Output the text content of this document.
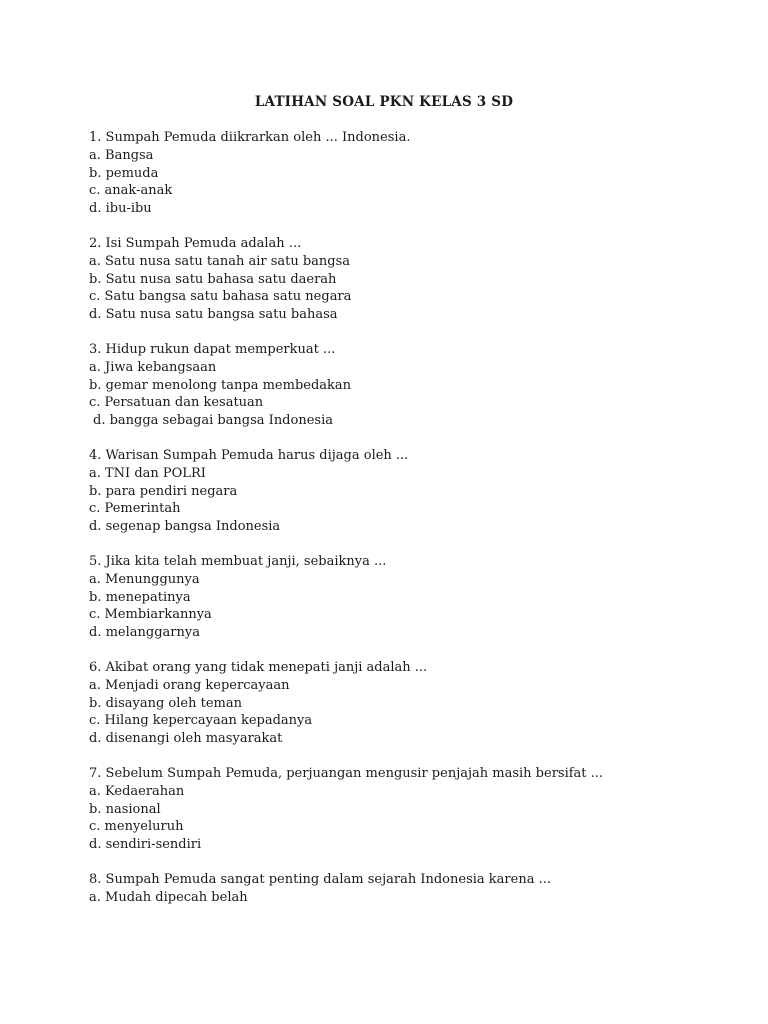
LATIHAN SOAL PKN KELAS 3 SD
1. Sumpah Pemuda diikrarkan oleh ... Indonesia.
a. Bangsa
b. pemuda
c. anak-anak
d. ibu-ibu
2. Isi Sumpah Pemuda adalah ...
a. Satu nusa satu tanah air satu bangsa
b. Satu nusa satu bahasa satu daerah
c. Satu bangsa satu bahasa satu negara
d. Satu nusa satu bangsa satu bahasa
3. Hidup rukun dapat memperkuat ...
a. Jiwa kebangsaan
b. gemar menolong tanpa membedakan
c. Persatuan dan kesatuan
d. bangga sebagai bangsa Indonesia
4. Warisan Sumpah Pemuda harus dijaga oleh ...
a. TNI dan POLRI
b. para pendiri negara
c. Pemerintah
d. segenap bangsa Indonesia
5. Jika kita telah membuat janji, sebaiknya ...
a. Menunggunya
b. menepatinya
c. Membiarkannya
d. melanggarnya
6. Akibat orang yang tidak menepati janji adalah ...
a. Menjadi orang kepercayaan
b. disayang oleh teman
c. Hilang kepercayaan kepadanya
d. disenangi oleh masyarakat
7. Sebelum Sumpah Pemuda, perjuangan mengusir penjajah masih bersifat ...
a. Kedaerahan
b. nasional
c. menyeluruh
d. sendiri-sendiri
8. Sumpah Pemuda sangat penting dalam sejarah Indonesia karena ...
a. Mudah dipecah belah
